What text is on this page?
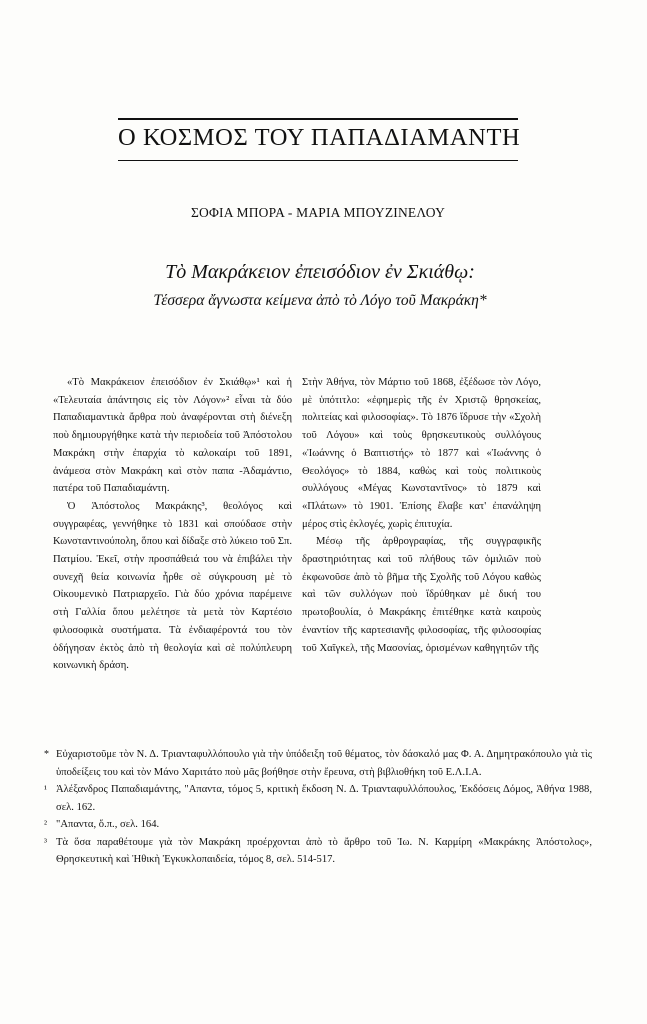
Ο ΚΟΣΜΟΣ ΤΟΥ ΠΑΠΑΔΙΑΜΑΝΤΗ
ΣΟΦΙΑ ΜΠΟΡΑ - ΜΑΡΙΑ ΜΠΟΥΖΙΝΕΛΟΥ
Τὸ Μακράκειον ἐπεισόδιον ἐν Σκιάθῳ:
Τέσσερα ἄγνωστα κείμενα ἀπὸ τὸ Λόγο τοῦ Μακράκη*

«Τὸ Μακράκειον ἐπεισόδιον ἐν Σκιάθῳ»¹ καὶ ἡ «Τελευταία ἀπάντησις εἰς τὸν Λόγον»² εἶναι τὰ δύο Παπαδιαμαντικὰ ἄρθρα ποὺ ἀναφέρονται στὴ διένεξη ποὺ δημιουργήθηκε κατὰ τὴν περιοδεία τοῦ Ἀπόστολου Μακράκη στὴν ἐπαρχία τὸ καλοκαίρι τοῦ 1891, ἀνάμεσα στὸν Μακράκη καὶ στὸν παπα -Ἀδαμάντιο, πατέρα τοῦ Παπαδιαμάντη.

Ὁ Ἀπόστολος Μακράκης³, θεολόγος καὶ συγγραφέας, γεννήθηκε τὸ 1831 καὶ σπούδασε στὴν Κωνσταντινούπολη, ὅπου καὶ δίδαξε στὸ λύκειο τοῦ Σπ. Πατμίου. Ἐκεῖ, στὴν προσπάθειά του νὰ ἐπιβάλει τὴν συνεχῆ θεία κοινωνία ἦρθε σὲ σύγκρουση μὲ τὸ Οἰκουμενικὸ Πατριαρχεῖο. Γιὰ δύο χρόνια παρέμεινε στὴ Γαλλία ὅπου μελέτησε τὰ μετὰ τὸν Καρτέσιο φιλοσοφικὰ συστήματα. Τὰ ἐνδιαφέροντά του τὸν ὁδήγησαν ἐκτὸς ἀπὸ τὴ θεολογία καὶ σὲ πολύπλευρη κοινωνικὴ δράση.

Στὴν Ἀθήνα, τὸν Μάρτιο τοῦ 1868, ἐξέδωσε τὸν Λόγο, μὲ ὑπότιτλο: «ἐφημερὶς τῆς ἐν Χριστῷ θρησκείας, πολιτείας καὶ φιλοσοφίας». Τὸ 1876 ἵδρυσε τὴν «Σχολὴ τοῦ Λόγου» καὶ τοὺς θρησκευτικοὺς συλλόγους «Ἰωάννης ὁ Βαπτιστής» τὸ 1877 καὶ «Ἰωάννης ὁ Θεολόγος» τὸ 1884, καθὼς καὶ τοὺς πολιτικοὺς συλλόγους «Μέγας Κωνσταντῖνος» τὸ 1879 καὶ «Πλάτων» τὸ 1901. Ἐπίσης ἔλαβε κατ' ἐπανάληψη μέρος στὶς ἐκλογές, χωρὶς ἐπιτυχία.

Μέσῳ τῆς ἀρθρογραφίας, τῆς συγγραφικῆς δραστηριότητας καὶ τοῦ πλήθους τῶν ὁμιλιῶν ποὺ ἐκφωνοῦσε ἀπὸ τὸ βῆμα τῆς Σχολῆς τοῦ Λόγου καθὼς καὶ τῶν συλλόγων ποὺ ἵδρύθηκαν μὲ δική του πρωτοβουλία, ὁ Μακράκης ἐπιτέθηκε κατὰ καιροὺς ἐναντίον τῆς καρτεσιανῆς φιλοσοφίας, τῆς φιλοσοφίας τοῦ Χαῖγκελ, τῆς Μασονίας, ὁρισμένων καθηγητῶν τῆς

* Εὐχαριστοῦμε τὸν Ν. Δ. Τριανταφυλλόπουλο γιὰ τὴν ὑπόδειξη τοῦ θέματος, τὸν δάσκαλό μας Φ. Α. Δημητρακόπουλο γιὰ τὶς ὑποδείξεις του καὶ τὸν Μάνο Χαριτάτο ποὺ μᾶς βοήθησε στὴν ἔρευνα, στὴ βιβλιοθήκη τοῦ Ε.Λ.Ι.Α.
¹ Ἀλέξανδρος Παπαδιαμάντης, "Απαντα, τόμος 5, κριτικὴ ἔκδοση Ν. Δ. Τριανταφυλλόπουλος, Ἐκδόσεις Δόμος, Ἀθήνα 1988, σελ. 162.
² "Απαντα, ὅ.π., σελ. 164.
³ Τὰ ὅσα παραθέτουμε γιὰ τὸν Μακράκη προέρχονται ἀπὸ τὸ ἄρθρο τοῦ Ἰω. Ν. Καρμίρη «Μακράκης Ἀπόστολος», Θρησκευτικὴ καὶ Ἠθικὴ Ἐγκυκλοπαιδεία, τόμος 8, σελ. 514-517.
